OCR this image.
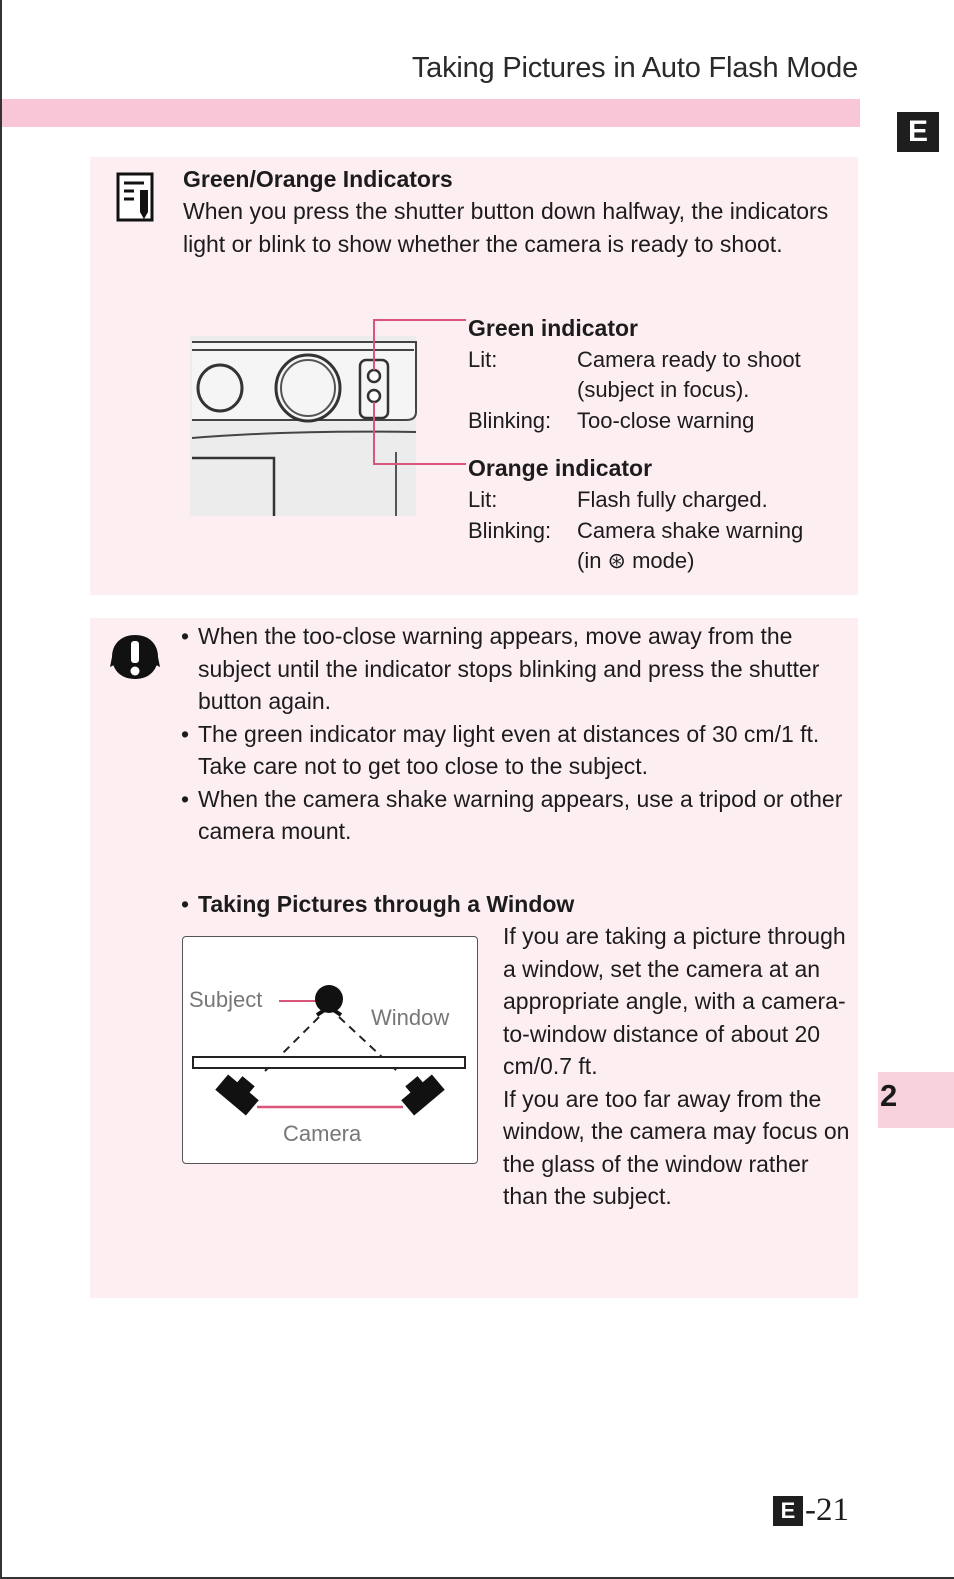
Taking Pictures in Auto Flash Mode
E
2
Green/Orange Indicators
When you press the shutter button down halfway, the indicators light or blink to show whether the camera is ready to shoot.
Green indicator
Lit:	Camera ready to shoot
(subject in focus).
Blinking: Too-close warning
Orange indicator
Lit:	Flash fully charged.
Blinking: Camera shake warning
(in ⊛ mode)
• When the too-close warning appears, move away from the subject until the indicator stops blinking and press the shutter button again.
• The green indicator may light even at distances of 30 cm/1 ft. Take care not to get too close to the subject.
• When the camera shake warning appears, use a tripod or other camera mount.
• Taking Pictures through a Window
Subject
Window
Camera

If you are taking a picture through a window, set the camera at an appropriate angle, with a camera-to-window distance of about 20 cm/0.7 ft.

If you are too far away from the window, the camera may focus on the glass of the window rather than the subject.

E -21
